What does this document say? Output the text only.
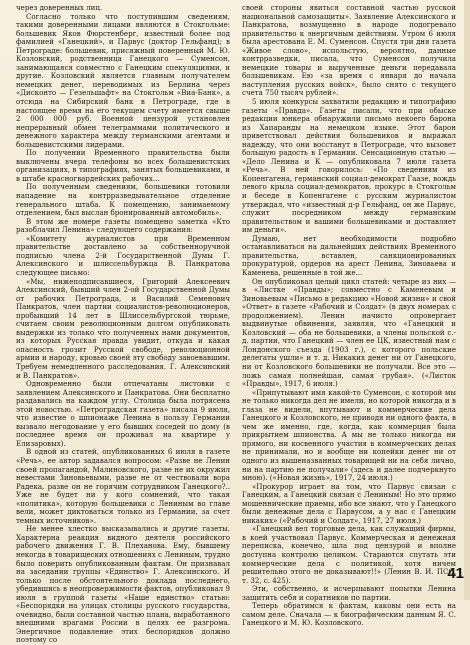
через доверенных лиц.

Согласно только что поступившим сведениям, такими доверенными лицами являются в Стокгольме: большевик Яков Фюрстенберг, известный более под фамилией «Ганецкий», и Парвус (доктор Гельфанд); в Петрограде: большевик, присяжный поверенный М. Ю. Козловский, родственница Ганецкого — Суменсон, занимающаяся совместно с Ганецким спекуляциями, и другие. Козловский является главным получателем немецких денег, переводимых из Берлина через «Дисконто — Гезельшафт» на Стокгольм «Виа-Банк», а отсюда на Сибирский банк в Петрограде, где в настоящее время на его текущем счету имеется свыше 2 000 000 руб. Военной цензурой установлен непрерывный обмен телеграммами политического и денежного характера между германскими агентами и большевистскими лидерами.

По получении Временного правительства были выключены вчера телефоны во всех большевистских организациях, в типографиях, занятых большевиками, и в штабе красногвардейских рабочих...

По полученным сведениям, большевики готовили нападение на контрразведывательное отделение генерального штаба. К помещению, занимаемому отделением, был выслан бронированный автомобиль».

В этом же номере газеты помещено заметка «Кто разоблачил Ленина» следующего содержания:

«Комитету журналистов при Временном правительстве доставлено за собственноручной подписью члена 2-й Государственной Думы Г. Алексинского и шлиссельбуржца В. Панкратова следующее письмо:

«Мы, нижеподписавшиеся, Григорий Алексеевич Алексинский, бывший член 2-ой Государственной Думы от рабочих Петрограда, и Василий Семенович Панкратов, член партии социалистов-революционеров, пробывший 14 лет в Шлиссельбургской тюрьме, считаем своим революционным долгом опубликовать выдержки из только что полученных нами документов, из которых Русская правда увидит, откуда и какая опасность грозит Русской свободе, революционной армии и народу, кровью своей эту свободу завоевавшим. Требуем немедленного расследования. Г. Алексинский и В. Панкратов».

Одновременно были отпечатаны листовки с заявлением Алексинского и Панкратова. Они бесплатно раздавались на каждом углу. Столица была потрясена этой новостью. «Петроградская газета» писала 9 июля, что известие о шпионаже Ленина в пользу Германии вызвало негодование у его бывших соседей по дому (в последнее время он проживал на квартире у Елизаровых).

В одной из статей, опубликованных 6 июля в газете «Речь», ее автор задавался вопросом: «Разве не Ленин своей пропагандой, Малиновского, разве не их окружил невестами Зиновьевыми, разве не от чествовали вора Радека, разве он не горячим сотрудником Ганецкого?.. Уже не будет ни у кого сомнений, что такая «политика», которую большевики с Лениным во главе вели, может диктоваться только из Германии, за счет темных источников».

Не менее хлестко высказывались и другие газеты. Характерна реакция видного деятеля российского рабочего движения Г. В. Плеханова. Ему, бывшему некогда в товарищеских отношениях с Лениным, трудно было поверить опубликованным фактам. Он признавал на заседании группы «Единство» Г. Алексинского. И только после обстоятельного доклада последнего, убедившись в неопровержимости фактов, опубликовал 9 июля в группой газеты «Наше единство» статью: «Беспорядки на улицах столицы русского государства, очевидно, были составной частью плана, выработанного внешними врагами России в целях ее разгрома. Энергичное подавление этих беспорядков должно поэтому со

своей стороны явиться составной частью русской национальной самозащиты». Заявление Алексинского и Панкратова, возмущенно в народе подогревало правительство к энергичным действиям. Утром 6 июля была арестована Е. М. Суменсон. Спустя три дня газета «Живое слово», испольстую, вероятно, данные контрразведки, писала, что Суменсон получила немецкие товары и вырученные деньги передавала большевикам. Ею «за время с января до начала наступления русских войск», было снято с текущего счета 750 тысяч рублей».

5 июля конкурсы захватили редакцию и типографию газеты «Правда». Газеты писали, что при обыске редакции юнкера обнаружили письмо некоего барона из Хапаранды на немецком языке. Этот барон приветствовал действия большевиков и выражал надежду, что они восстанут в Петрограде, что вызовет большую радость в Германии. Сенсационную статью — «Дело Ленина и К — опубликовала 7 июля газета «Речь». В ней говорилось: «По сведениям из Копенгагена, германский социал-демократ Гаазе, вождь левого крыла социал-демократов, прокурс в Стокгольм и беседе в Копенгагене с русским журналистом утверждал, что «известный д-р Гельфанд, он же Парвус, служит посредником между германским правительством и вашими большевиками и доставляет им деньги».

Думаю, нет необходимости подробно останавливаться на дальнейших действиях Временного правительства, вставлен, санкционированных прокуратурой, ордеров на арест Ленина, Зиновьева и Каменева, решенные в той же...

Он опубликовал целый цикл статей: четыре из них — в «Листке «Правды»; совместно с Каменевым и Зиновьевым «Письмо в редакцию «Новой жизни» и свой «Ответ» в газете «Рабочий и Солдат» (в двух номерах с продолжением). Ленин начисто опровергает выдвинутые обвинения, заявляя, что «Ганецкий и Козловский — оба не большевики, а члены польской с.-д. партии, что Ганецкий — член ее ЦК, известный нам с Лондонского съезда (1903 г.), с которого польские делегаты ушли» и т. д. Никаких денег ни от Ганецкого, ни от Козловского большевики не получали. Все это — ложь самая полнейшая, самая грубая». («Листок «Правды», 1917, 6 июля.)

«Припутывают имя какой-то Суменсон, с которой мы не только никогда дел не имели, но которой никогда и в глаза не видели, впутывают и коммерческие дела Ганецкого и Козловского, не приводя ни одного факта, в чем же именно, где, когда, как коммерция была прикрытием шпионства. А мы не только никогда ни прямого, ни косвенного участия в коммерческих делах не принимали, но и вообще ни копейки денег ни от одного из вышеназванных товарищей ни на себя лично, ни на партию не получали» (здесь и далее подчеркнуто мною). («Новая жизнь», 1917, 24 июля.)

«Прокурор играет на том, что Парвус связан с Ганецким, а Ганецкий связан с Лениным! Но это прямо мошеннические приемы, ибо все знают, что у Ганецкого были денежные дела с Парвусом, а у нас с Ганецким никаких» («Рабочий и Солдат», 1917, 27 июля.)

«Ганецкий вел торговые дела, как служащий фирмы, в коей участвовал Парвус. Коммерческая и денежная переписка, конечно, шла под цензурой и вполне доступна контролю целиком. Стараются спутать эти коммерческие дела с политикой, хотя ничем решительно этого не доказывают!!» (Ленин В. И. ПСС, т. 32, с. 425).

Эти, собственно, и исчерпывают попытки Ленина защитить себя и соратников по партии.

Теперь обратимся к фактам, каковы они есть на самом деле. Сначала — к биографическим данным Я. С. Ганецкого и М. Ю. Козловского.

41
